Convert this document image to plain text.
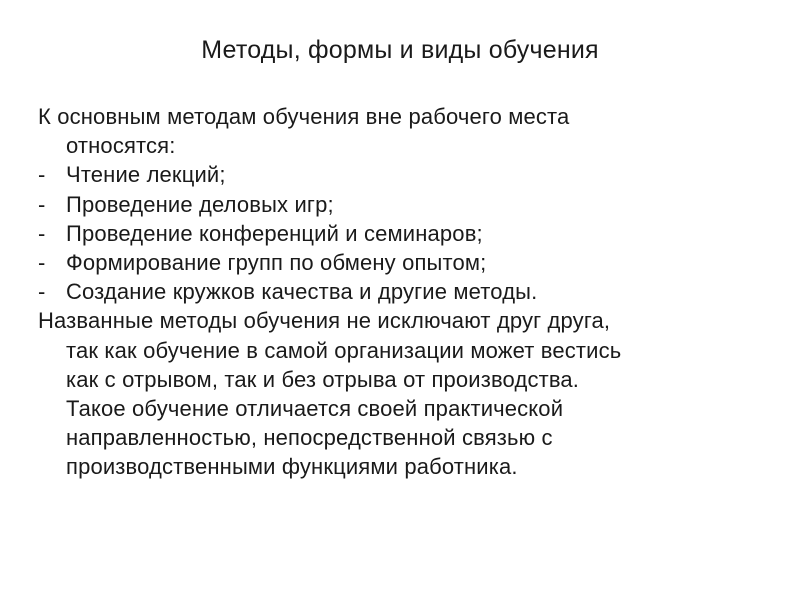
Методы, формы и виды обучения

К основным методам обучения вне рабочего места
относятся:

- Чтение лекций;
- Проведение деловых игр;
- Проведение конференций и семинаров;
- Формирование групп по обмену опытом;
- Создание кружков качества и другие методы.

Названные методы обучения не исключают друг друга,
так как обучение в самой организации может вестись
как с отрывом, так и без отрыва от производства.
Такое обучение отличается своей практической
направленностью, непосредственной связью с
производственными функциями работника.
